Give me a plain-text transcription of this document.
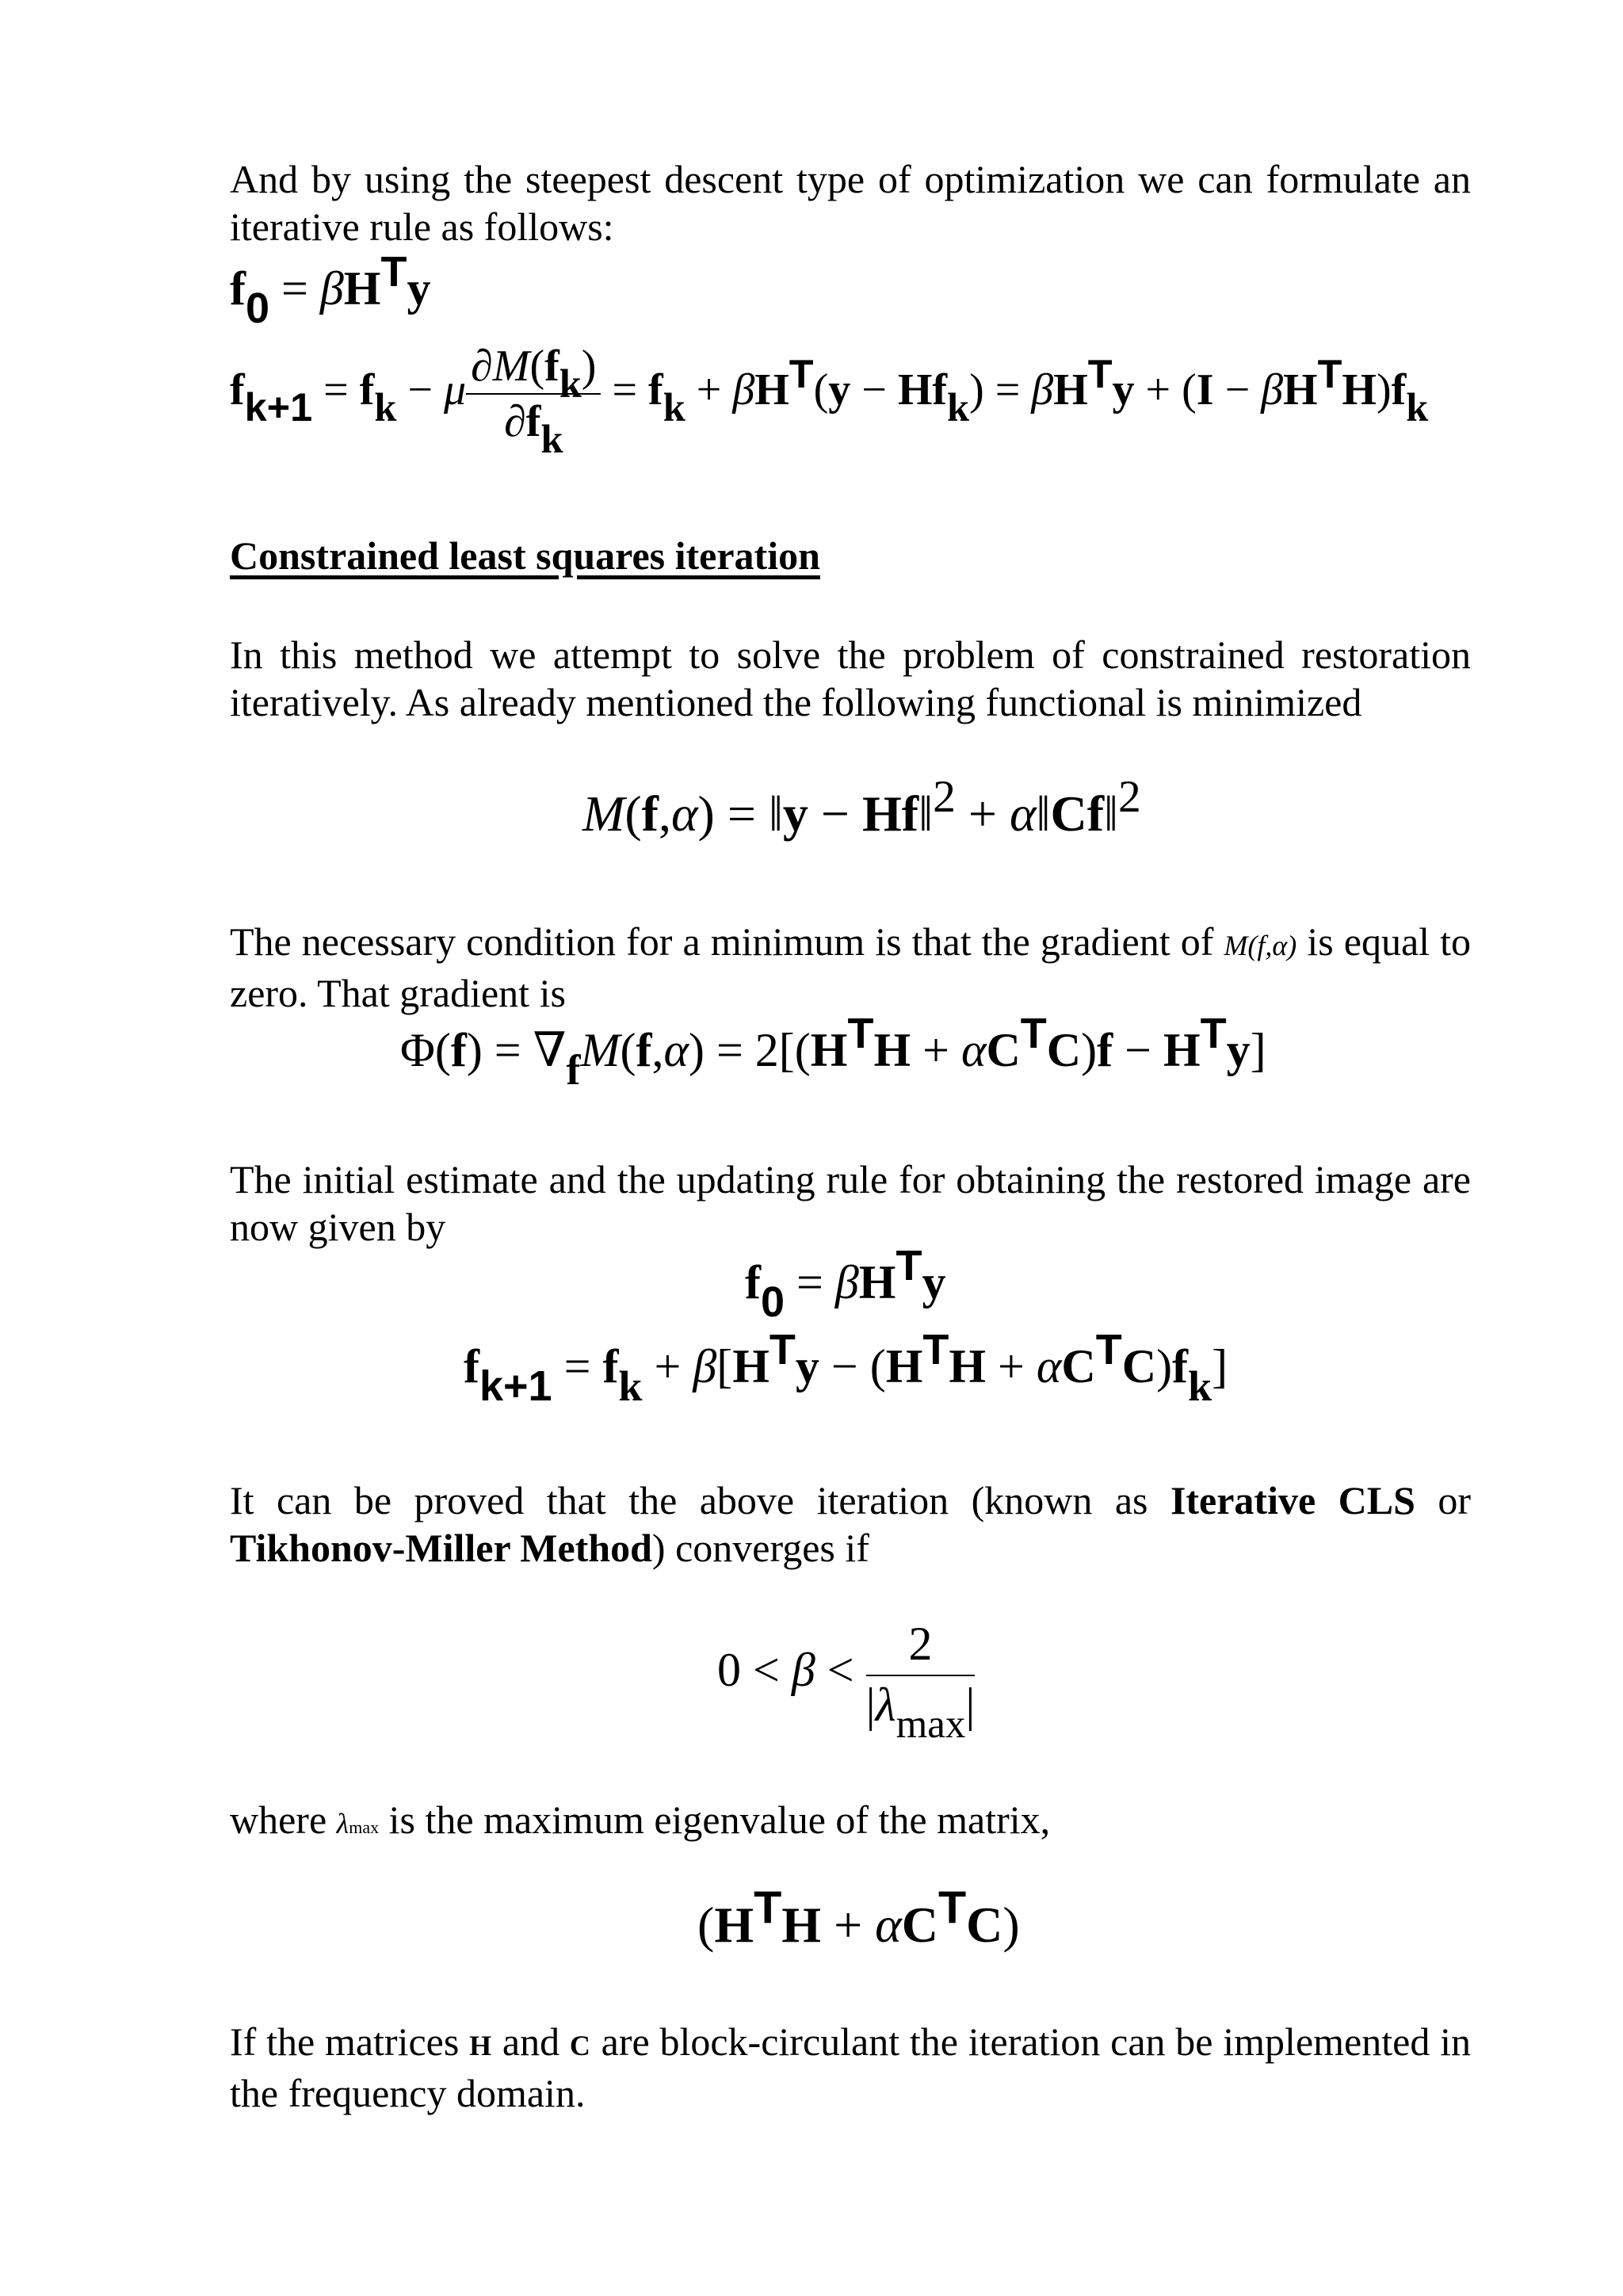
And by using the steepest descent type of optimization we can formulate an iterative rule as follows:

f0 = βHTy
fk+1 = fk − μ $\frac{\partial M(fk)}{\partial fk}$ = fk + βHT(y − Hfk) = βHTy + (I − βHTH)fk
Constrained least squares iteration

In this method we attempt to solve the problem of constrained restoration iteratively. As already mentioned the following functional is minimized

M(f,α) = ‖y − Hf‖2 + α‖Cf‖2

The necessary condition for a minimum is that the gradient of M(f,α) is equal to zero. That gradient is

Φ(f) = ∇fM(f,α) = 2[(HTH + αCTC)f − HTy]

The initial estimate and the updating rule for obtaining the restored image are now given by

f0 = βHTy
fk+1 = fk + β[HTy − (HTH + αCTC)fk]

It can be proved that the above iteration (known as Iterative CLS or Tikhonov-Miller Method) converges if

$0 < \beta < \frac{2}{|\lambda_{max}|}$

where λmax is the maximum eigenvalue of the matrix,

(HTH + αCTC)

If the matrices H and C are block-circulant the iteration can be implemented in the frequency domain.
